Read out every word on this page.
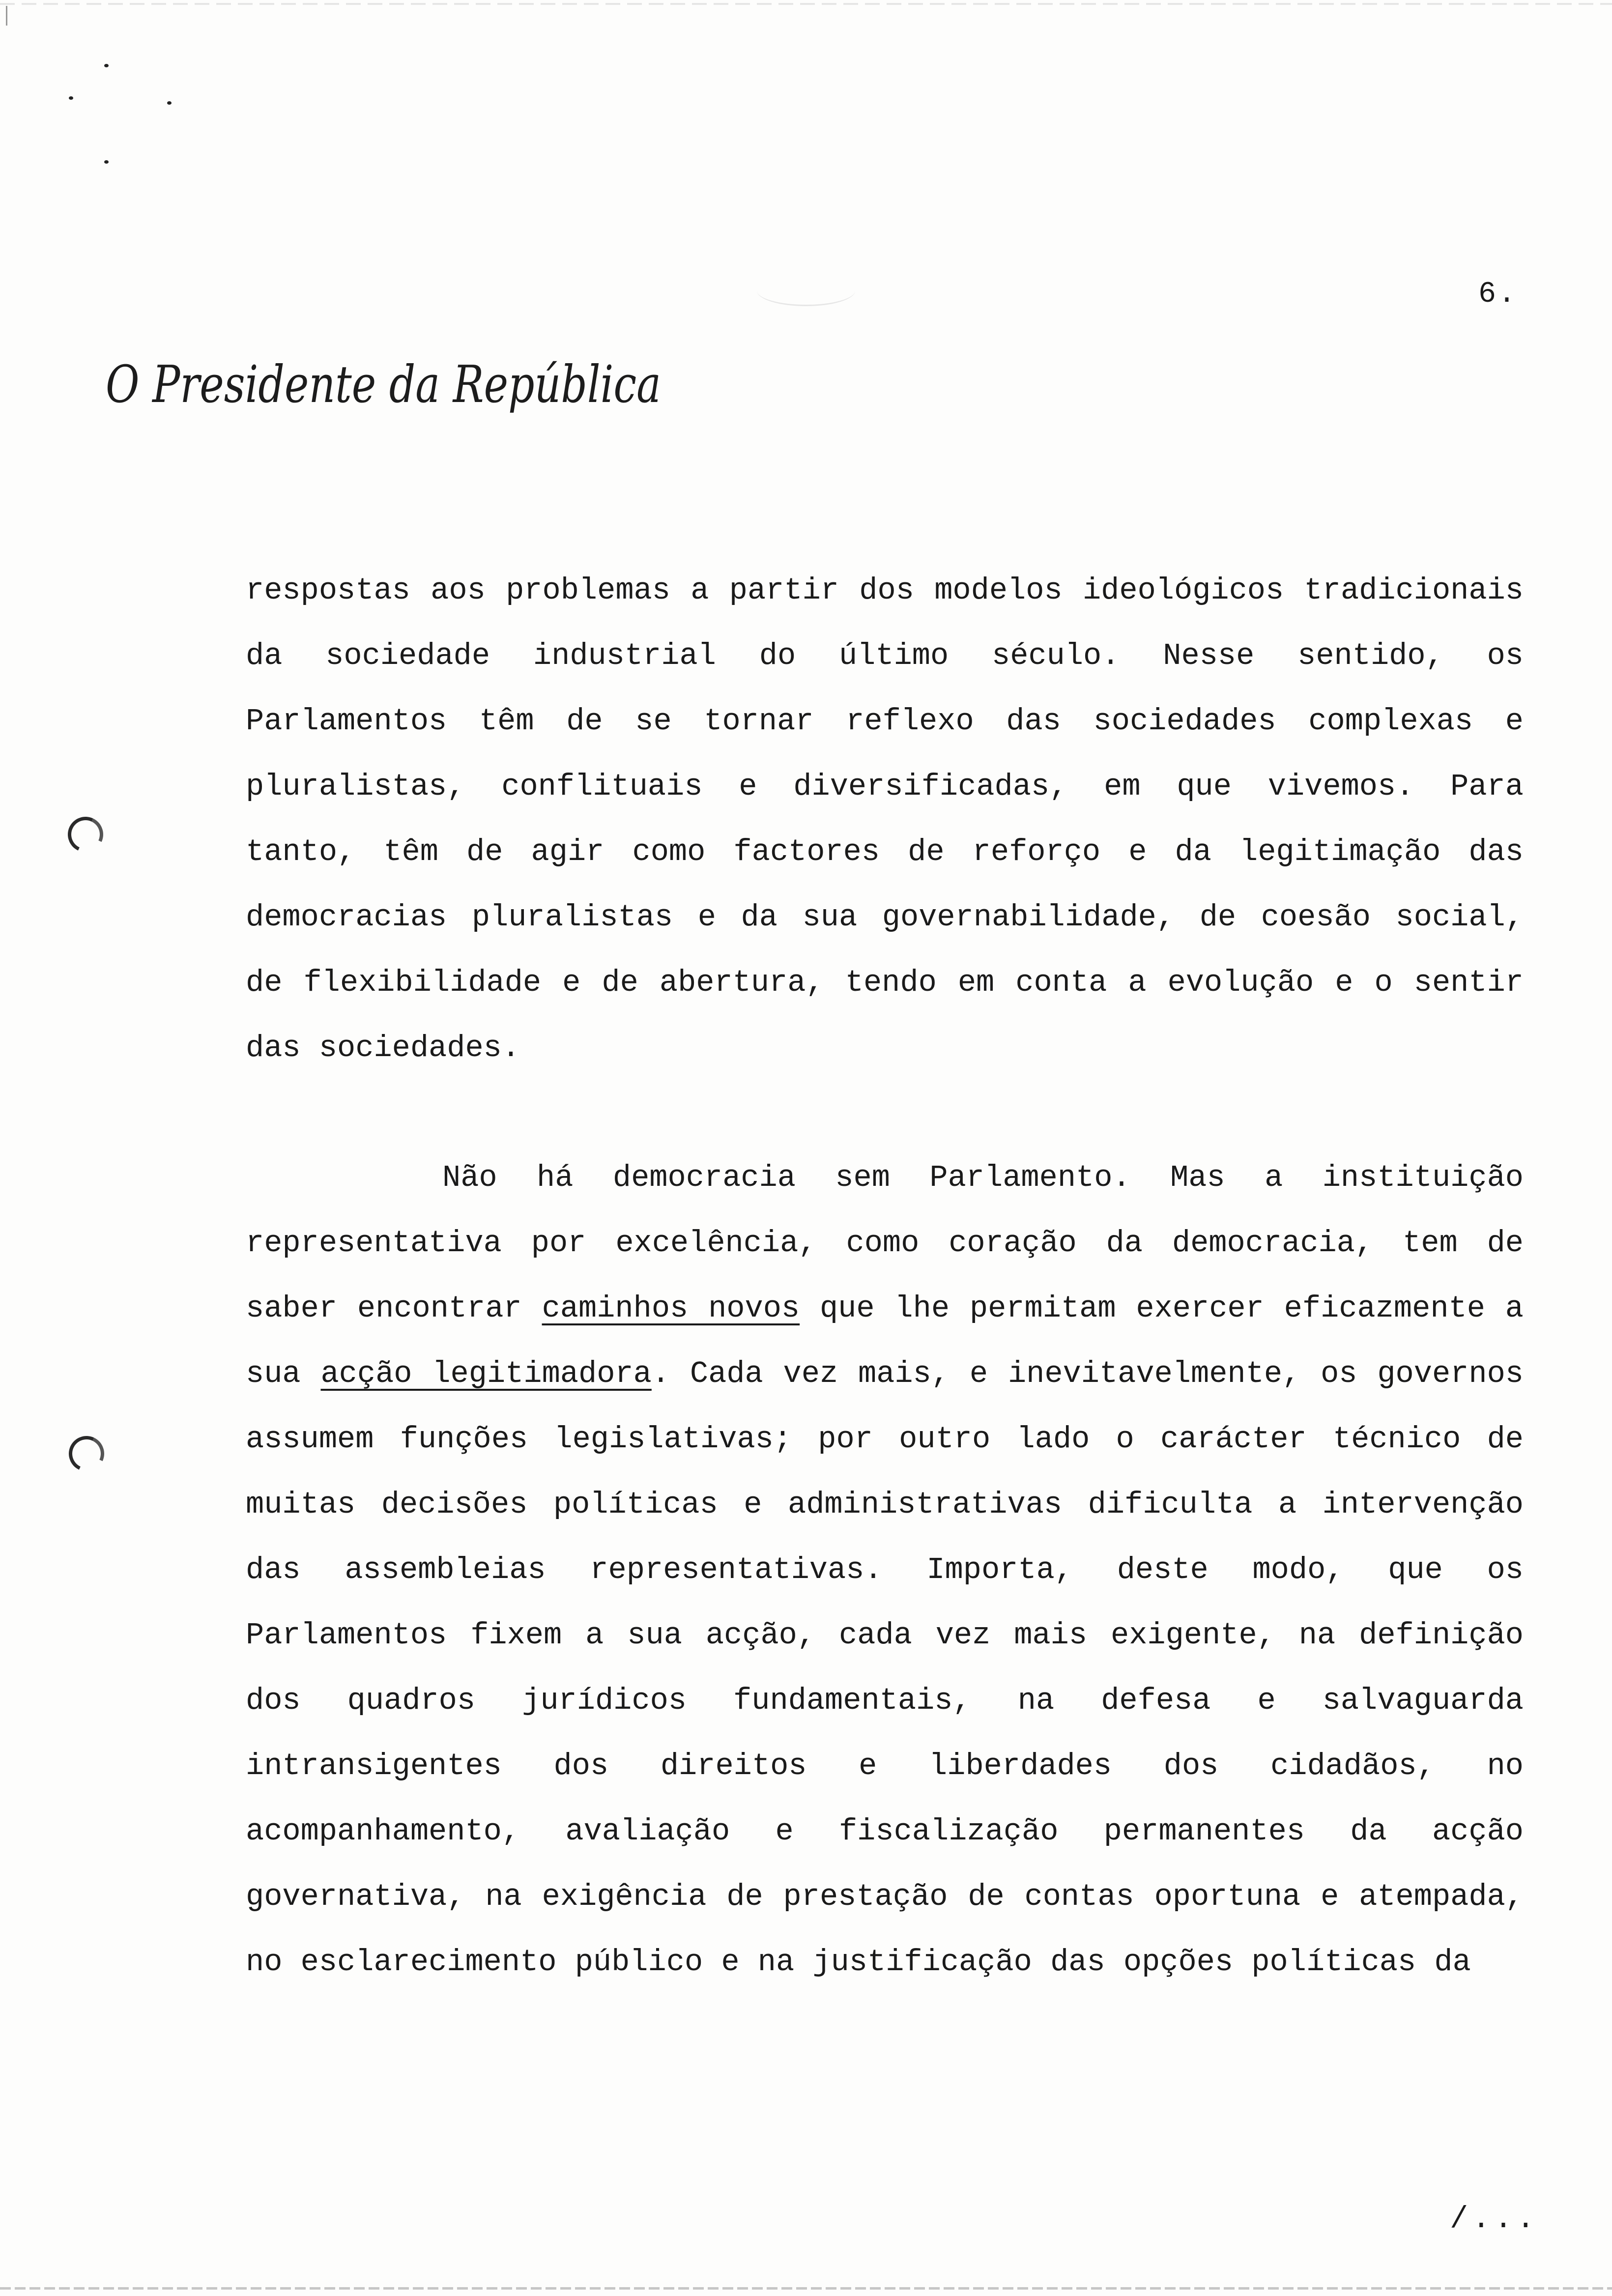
6.
O Presidente da República

respostas aos problemas a partir dos modelos ideológicos tradicionais da sociedade industrial do último século. Nesse sentido, os Parlamentos têm de se tornar reflexo das sociedades complexas e pluralistas, conflituais e diversificadas, em que vivemos. Para tanto, têm de agir como factores de reforço e da legitimação das democracias pluralistas e da sua governabilidade, de coesão social, de flexibilidade e de abertura, tendo em conta a evolução e o sentir das sociedades.

Não há democracia sem Parlamento. Mas a instituição representativa por excelência, como coração da democracia, tem de saber encontrar caminhos novos que lhe permitam exercer eficazmente a sua acção legitimadora. Cada vez mais, e inevitavelmente, os governos assumem funções legislativas; por outro lado o carácter técnico de muitas decisões políticas e administrativas dificulta a intervenção das assembleias representativas. Importa, deste modo, que os Parlamentos fixem a sua acção, cada vez mais exigente, na definição dos quadros jurídicos fundamentais, na defesa e salvaguarda intransigentes dos direitos e liberdades dos cidadãos, no acompanhamento, avaliação e fiscalização permanentes da acção governativa, na exigência de prestação de contas oportuna e atempada, no esclarecimento público e na justificação das opções políticas da

/...
